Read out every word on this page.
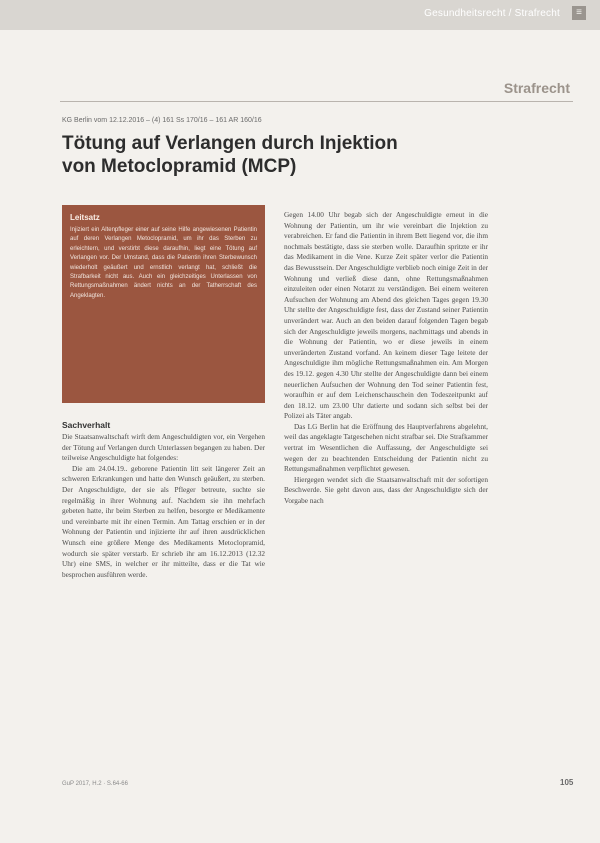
Gesundheitsrecht / Strafrecht	≡
Strafrecht
KG Berlin vom 12.12.2016 – (4) 161 Ss 170/16 – 161 AR 160/16
Tötung auf Verlangen durch Injektion
von Metoclopramid (MCP)
Leitsatz
Injiziert ein Altenpfleger einer auf seine Hilfe angewiesenen Patientin auf deren Verlangen Metoclopramid, um ihr das Sterben zu erleichtern, und verstirbt diese daraufhin, liegt eine Tötung auf Verlangen vor. Der Umstand, dass die Patientin ihren Sterbewunsch wiederholt geäußert und ernstlich verlangt hat, schließt die Strafbarkeit nicht aus. Auch ein gleichzeitiges Unterlassen von Rettungsmaßnahmen ändert nichts an der Tatherrschaft des Angeklagten.
Sachverhalt

Die Staatsanwaltschaft wirft dem Angeschuldigten vor, ein Vergehen der Tötung auf Verlangen durch Unterlassen begangen zu haben. Der teilweise Angeschuldigte hat folgendes:

Die am 24.04.19.. geborene Patientin litt seit längerer Zeit an schweren Erkrankungen und hatte den Wunsch geäußert, zu sterben. Der Angeschuldigte, der sie als Pfleger betreute, suchte sie regelmäßig in ihrer Wohnung auf. Nachdem sie ihn mehrfach gebeten hatte, ihr beim Sterben zu helfen, besorgte er Medikamente und vereinbarte mit ihr einen Termin. Am Tattag erschien er in der Wohnung der Patientin und injizierte ihr auf ihren ausdrücklichen Wunsch eine größere Menge des Medikaments Metoclopramid, wodurch sie später verstarb. Er schrieb ihr am 16.12.2013 (12.32 Uhr) eine SMS, in welcher er ihr mitteilte, dass er die Tat wie besprochen ausführen werde.

Gegen 14.00 Uhr begab sich der Angeschuldigte erneut in die Wohnung der Patientin, um ihr wie vereinbart die Injektion zu verabreichen. Er fand die Patientin in ihrem Bett liegend vor, die ihm nochmals bestätigte, dass sie sterben wolle. Daraufhin spritzte er ihr das Medikament in die Vene. Kurze Zeit später verlor die Patientin das Bewusstsein. Der Angeschuldigte verblieb noch einige Zeit in der Wohnung und verließ diese dann, ohne Rettungsmaßnahmen einzuleiten oder einen Notarzt zu verständigen. Bei einem weiteren Aufsuchen der Wohnung am Abend des gleichen Tages gegen 19.30 Uhr stellte der Angeschuldigte fest, dass der Zustand seiner Patientin unverändert war. Auch an den beiden darauf folgenden Tagen begab sich der Angeschuldigte jeweils morgens, nachmittags und abends in die Wohnung der Patientin, wo er diese jeweils in einem unveränderten Zustand vorfand. An keinem dieser Tage leitete der Angeschuldigte ihm mögliche Rettungsmaßnahmen ein. Am Morgen des 19.12. gegen 4.30 Uhr stellte der Angeschuldigte dann bei einem neuerlichen Aufsuchen der Wohnung den Tod seiner Patientin fest, woraufhin er auf dem Leichenschauschein den Todeszeitpunkt auf den 18.12. um 23.00 Uhr datierte und sodann sich selbst bei der Polizei als Täter angab.

Das LG Berlin hat die Eröffnung des Hauptverfahrens abgelehnt, weil das angeklagte Tatgeschehen nicht strafbar sei. Die Strafkammer vertrat im Wesentlichen die Auffassung, der Angeschuldigte sei wegen der zu beachtenden Entscheidung der Patientin nicht zu Rettungsmaßnahmen verpflichtet gewesen.

Hiergegen wendet sich die Staatsanwaltschaft mit der sofortigen Beschwerde. Sie geht davon aus, dass der Angeschuldigte sich der Vorgabe nach

GuP 2017, H.2 · S.64-66	105
